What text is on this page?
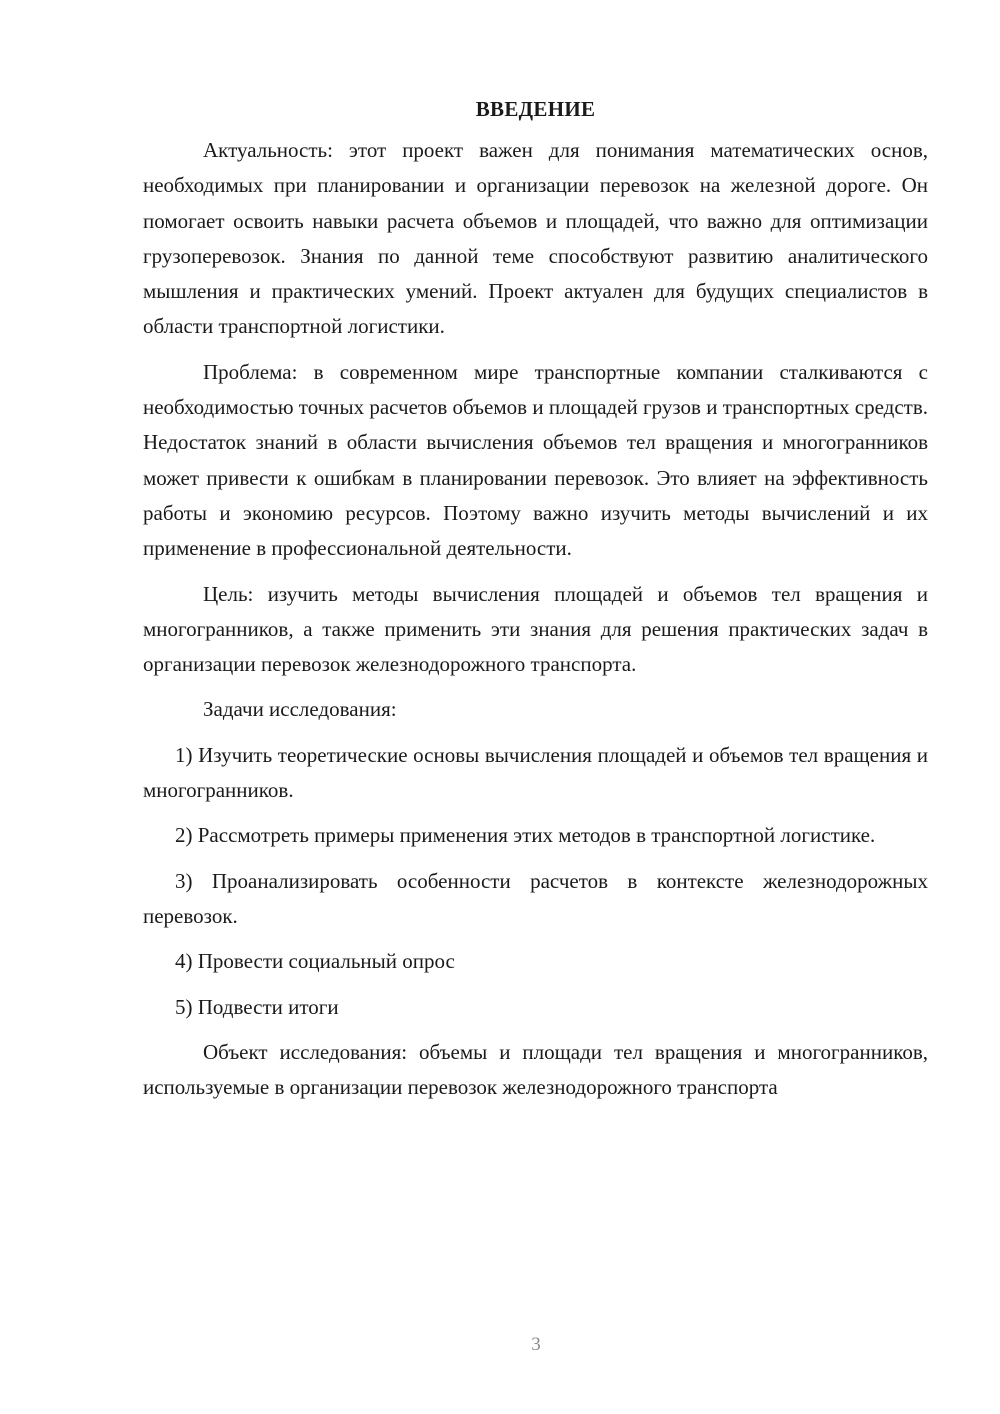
ВВЕДЕНИЕ

Актуальность: этот проект важен для понимания математических основ, необходимых при планировании и организации перевозок на железной дороге. Он помогает освоить навыки расчета объемов и площадей, что важно для оптимизации грузоперевозок. Знания по данной теме способствуют развитию аналитического мышления и практических умений. Проект актуален для будущих специалистов в области транспортной логистики.

Проблема: в современном мире транспортные компании сталкиваются с необходимостью точных расчетов объемов и площадей грузов и транспортных средств. Недостаток знаний в области вычисления объемов тел вращения и многогранников может привести к ошибкам в планировании перевозок. Это влияет на эффективность работы и экономию ресурсов. Поэтому важно изучить методы вычислений и их применение в профессиональной деятельности.

Цель: изучить методы вычисления площадей и объемов тел вращения и многогранников, а также применить эти знания для решения практических задач в организации перевозок железнодорожного транспорта.

Задачи исследования:

1) Изучить теоретические основы вычисления площадей и объемов тел вращения и многогранников.

2) Рассмотреть примеры применения этих методов в транспортной логистике.

3) Проанализировать особенности расчетов в контексте железнодорожных перевозок.

4) Провести социальный опрос

5) Подвести итоги

Объект исследования: объемы и площади тел вращения и многогранников, используемые в организации перевозок железнодорожного транспорта

3
